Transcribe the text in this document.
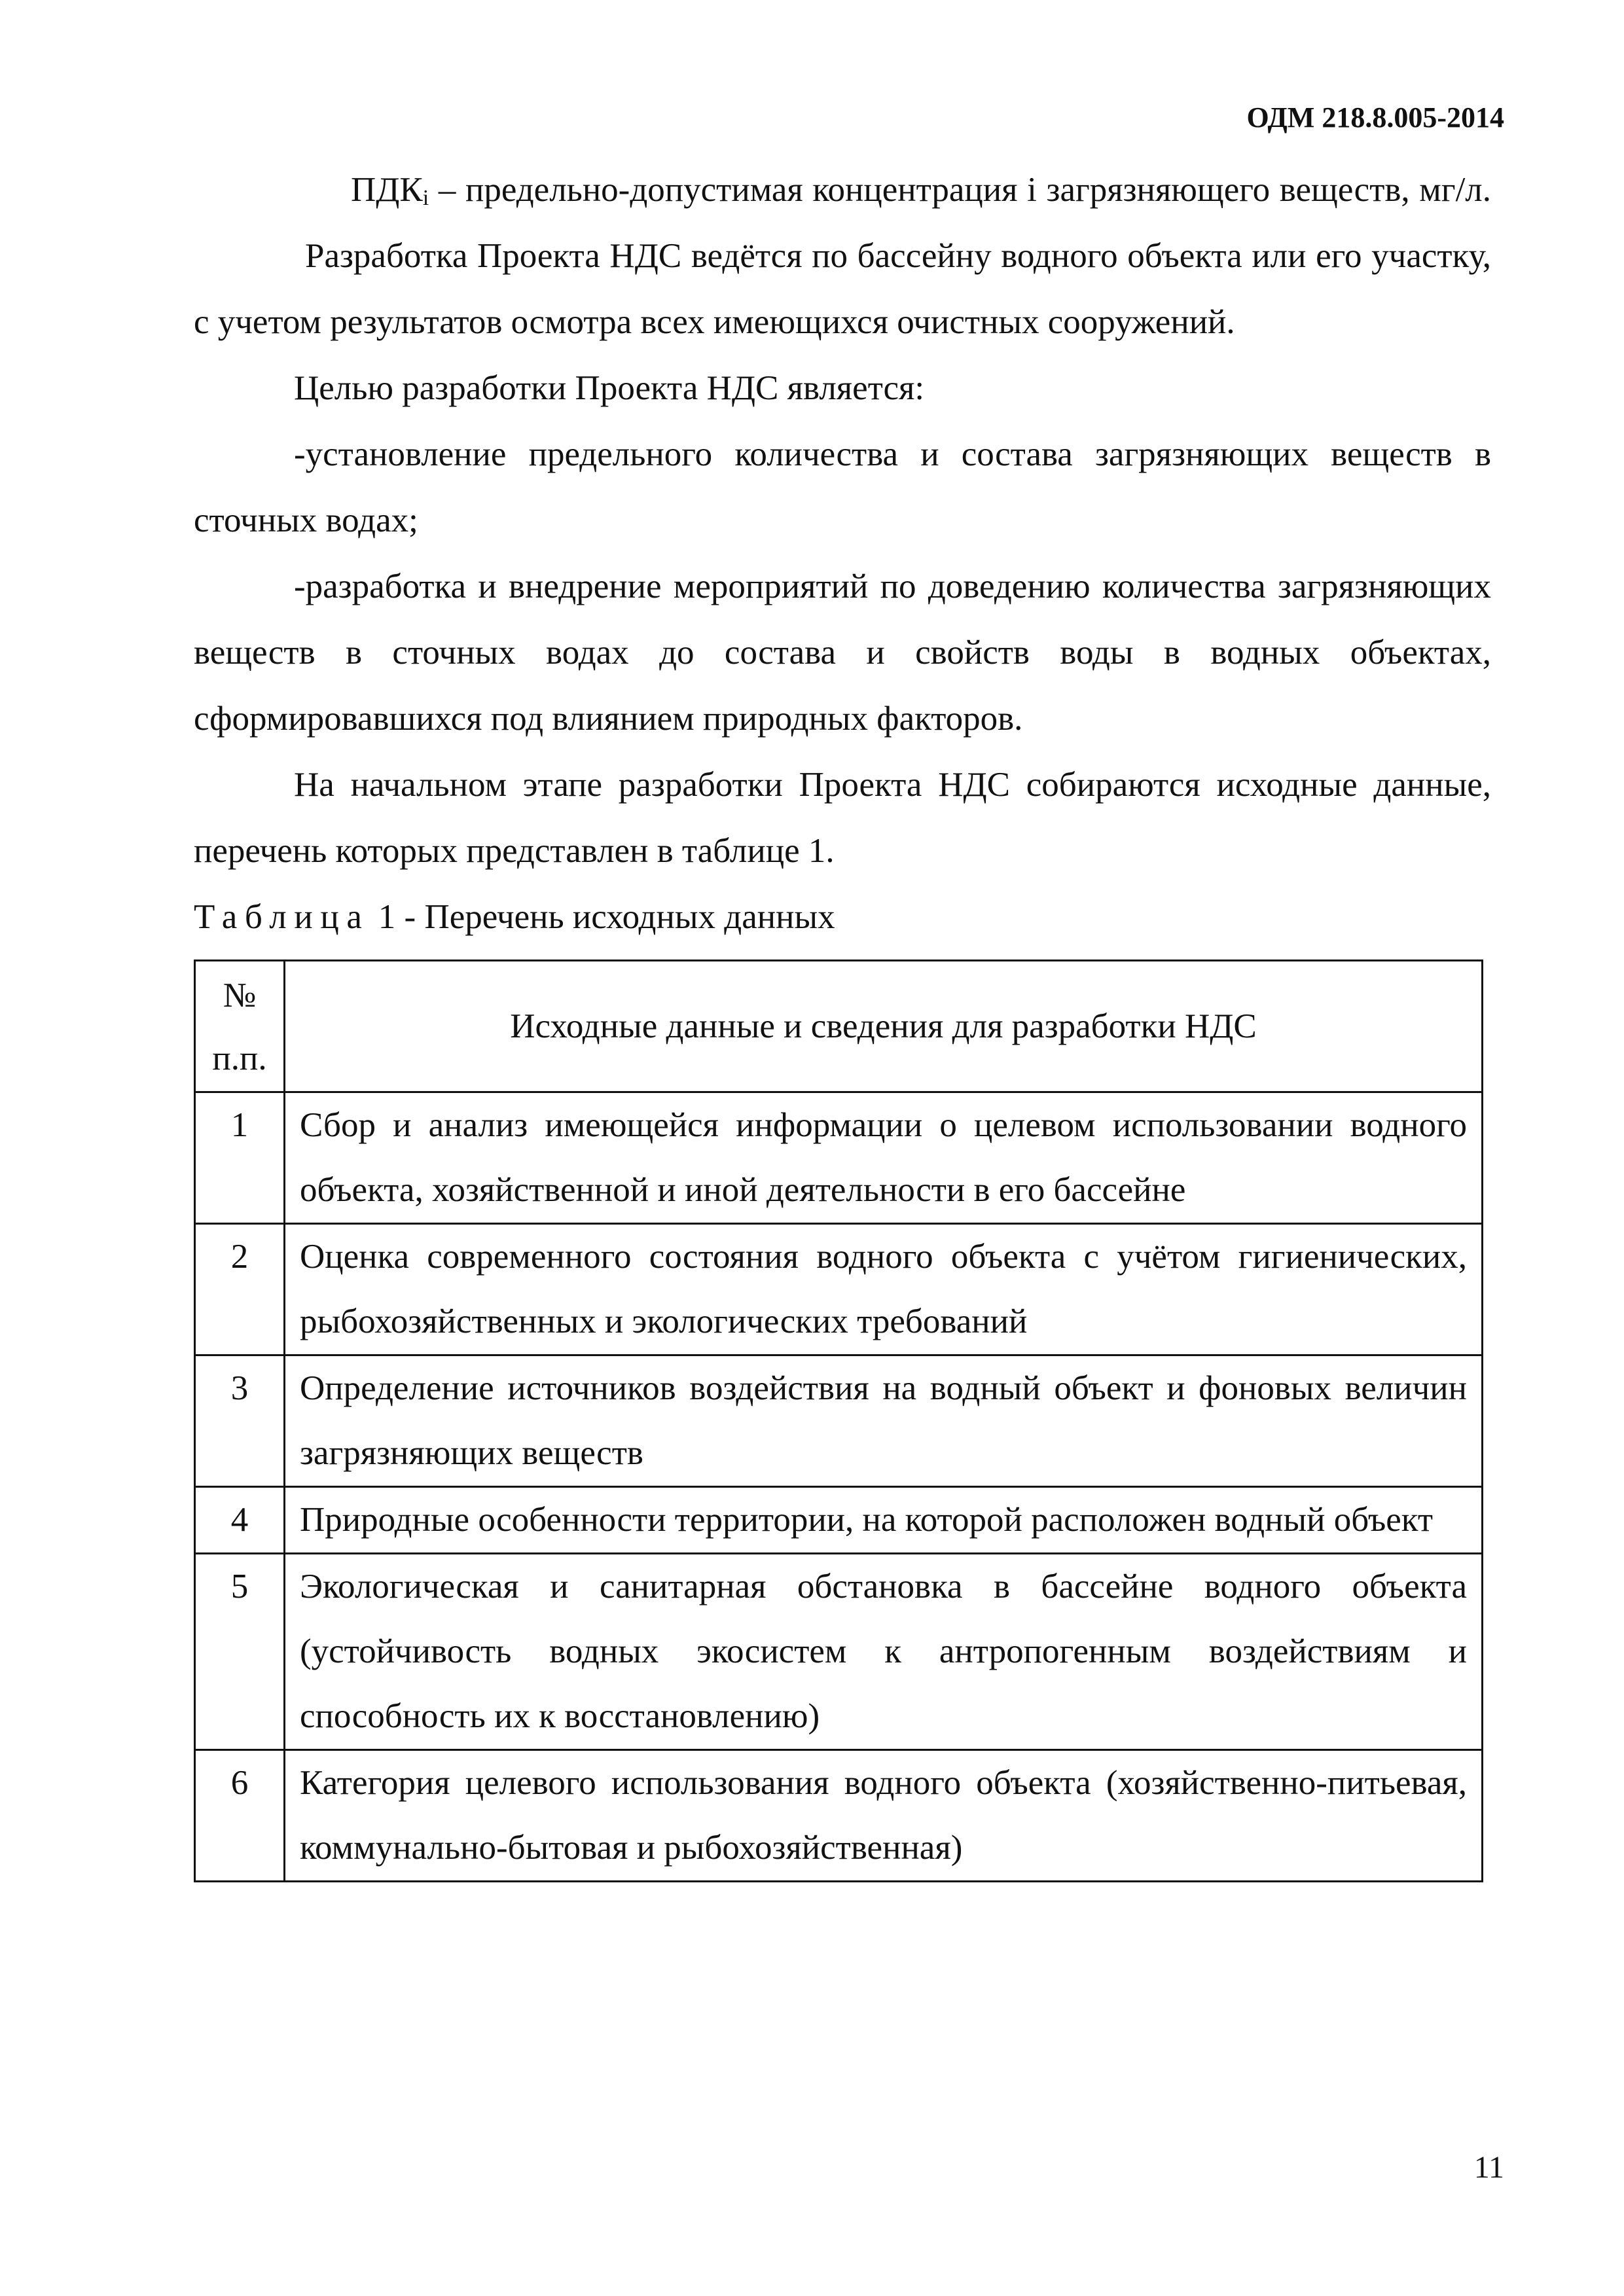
ОДМ 218.8.005-2014

$ПДК_i$ – предельно-допустимая концентрация i загрязняющего веществ, мг/л.

Разработка Проекта НДС ведётся по бассейну водного объекта или его участку, с учетом результатов осмотра всех имеющихся очистных сооружений.

Целью разработки Проекта НДС является:

-установление предельного количества и состава загрязняющих веществ в сточных водах;

-разработка и внедрение мероприятий по доведению количества загрязняющих веществ в сточных водах до состава и свойств воды в водных объектах, сформировавшихся под влиянием природных факторов.

На начальном этапе разработки Проекта НДС собираются исходные данные, перечень которых представлен в таблице 1.

Таблица 1 - Перечень исходных данных

№
п.п.	Исходные данные и сведения для разработки НДС
1	Сбор и анализ имеющейся информации о целевом использовании водного объекта, хозяйственной и иной деятельности в его бассейне
2	Оценка современного состояния водного объекта с учётом гигиенических, рыбохозяйственных и экологических требований
3	Определение источников воздействия на водный объект и фоновых величин загрязняющих веществ
4	Природные особенности территории, на которой расположен водный объект
5	Экологическая и санитарная обстановка в бассейне водного объекта (устойчивость водных экосистем к антропогенным воздействиям и способность их к восстановлению)
6	Категория целевого использования водного объекта (хозяйственно-питьевая, коммунально-бытовая и рыбохозяйственная)
11
